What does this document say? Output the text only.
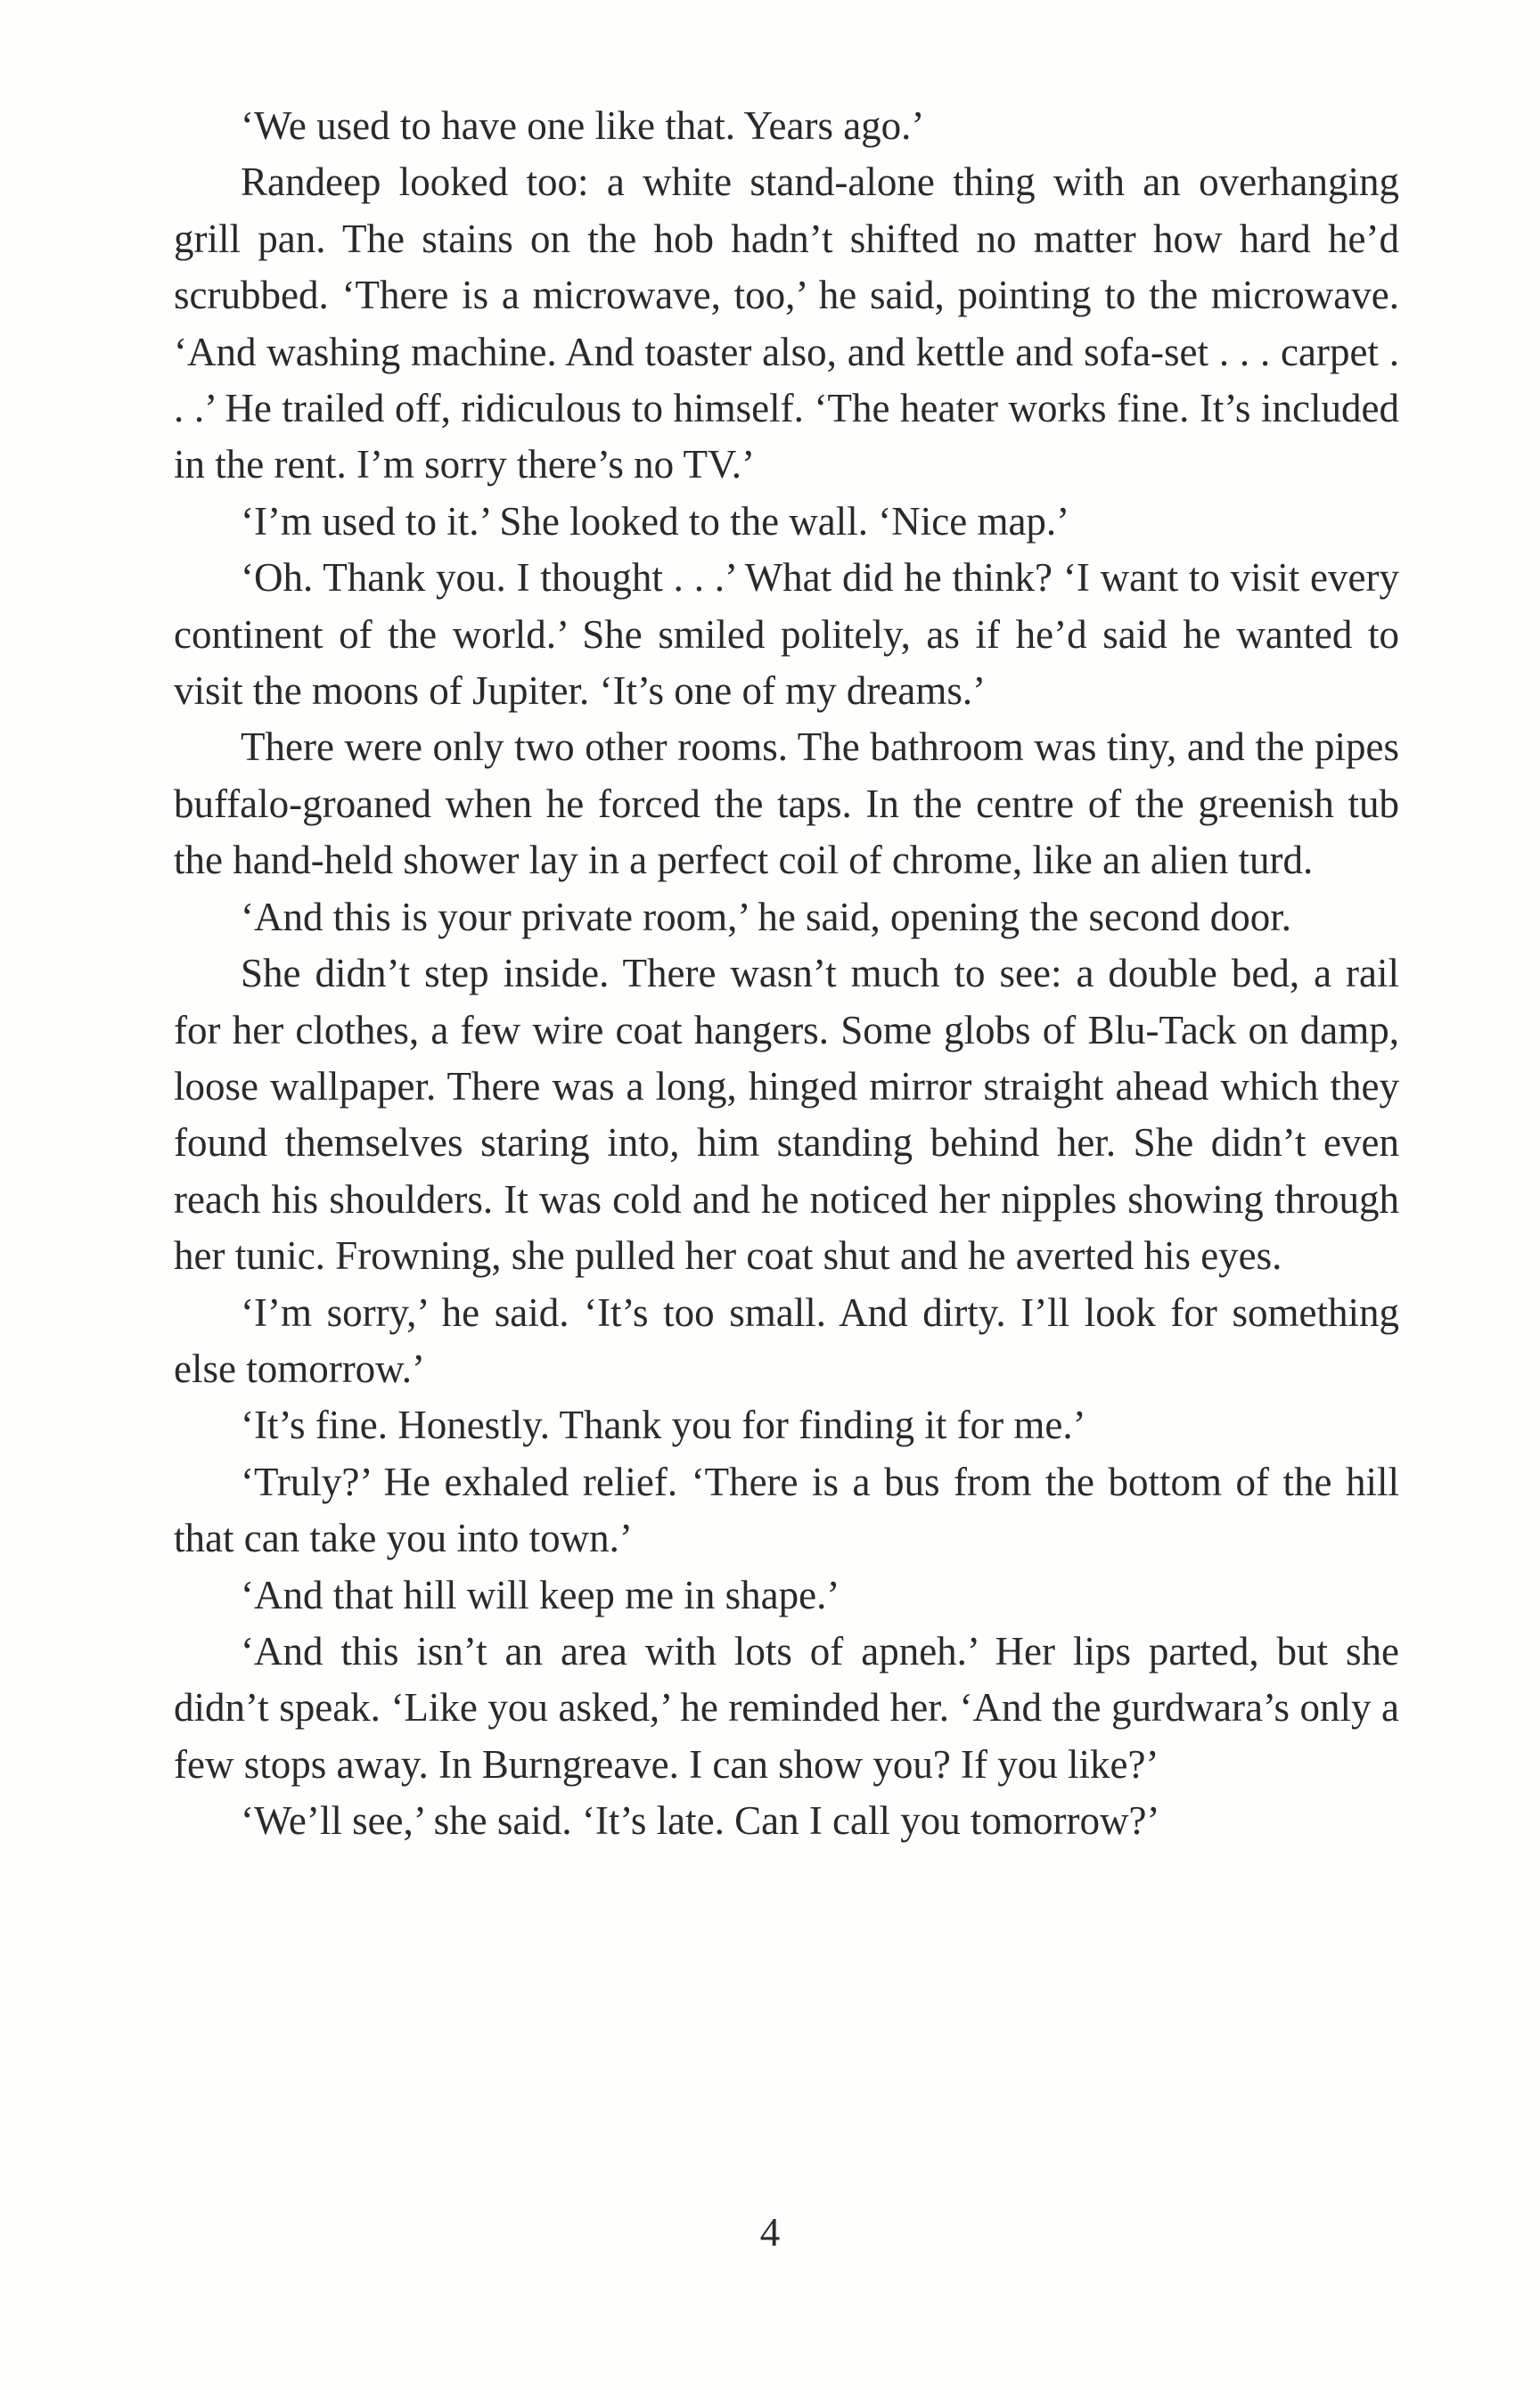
‘We used to have one like that. Years ago.’

Randeep looked too: a white stand-alone thing with an overhanging grill pan. The stains on the hob hadn’t shifted no matter how hard he’d scrubbed. ‘There is a microwave, too,’ he said, pointing to the microwave. ‘And washing machine. And toaster also, and kettle and sofa-set . . . carpet . . .’ He trailed off, ridiculous to himself. ‘The heater works fine. It’s included in the rent. I’m sorry there’s no TV.’

‘I’m used to it.’ She looked to the wall. ‘Nice map.’

‘Oh. Thank you. I thought . . .’ What did he think? ‘I want to visit every continent of the world.’ She smiled politely, as if he’d said he wanted to visit the moons of Jupiter. ‘It’s one of my dreams.’

There were only two other rooms. The bathroom was tiny, and the pipes buffalo-groaned when he forced the taps. In the centre of the greenish tub the hand-held shower lay in a perfect coil of chrome, like an alien turd.

‘And this is your private room,’ he said, opening the second door.

She didn’t step inside. There wasn’t much to see: a double bed, a rail for her clothes, a few wire coat hangers. Some globs of Blu-Tack on damp, loose wallpaper. There was a long, hinged mirror straight ahead which they found themselves staring into, him standing behind her. She didn’t even reach his shoulders. It was cold and he noticed her nipples showing through her tunic. Frowning, she pulled her coat shut and he averted his eyes.

‘I’m sorry,’ he said. ‘It’s too small. And dirty. I’ll look for something else tomorrow.’

‘It’s fine. Honestly. Thank you for finding it for me.’

‘Truly?’ He exhaled relief. ‘There is a bus from the bottom of the hill that can take you into town.’

‘And that hill will keep me in shape.’

‘And this isn’t an area with lots of apneh.’ Her lips parted, but she didn’t speak. ‘Like you asked,’ he reminded her. ‘And the gurdwara’s only a few stops away. In Burngreave. I can show you? If you like?’

‘We’ll see,’ she said. ‘It’s late. Can I call you tomorrow?’

4
